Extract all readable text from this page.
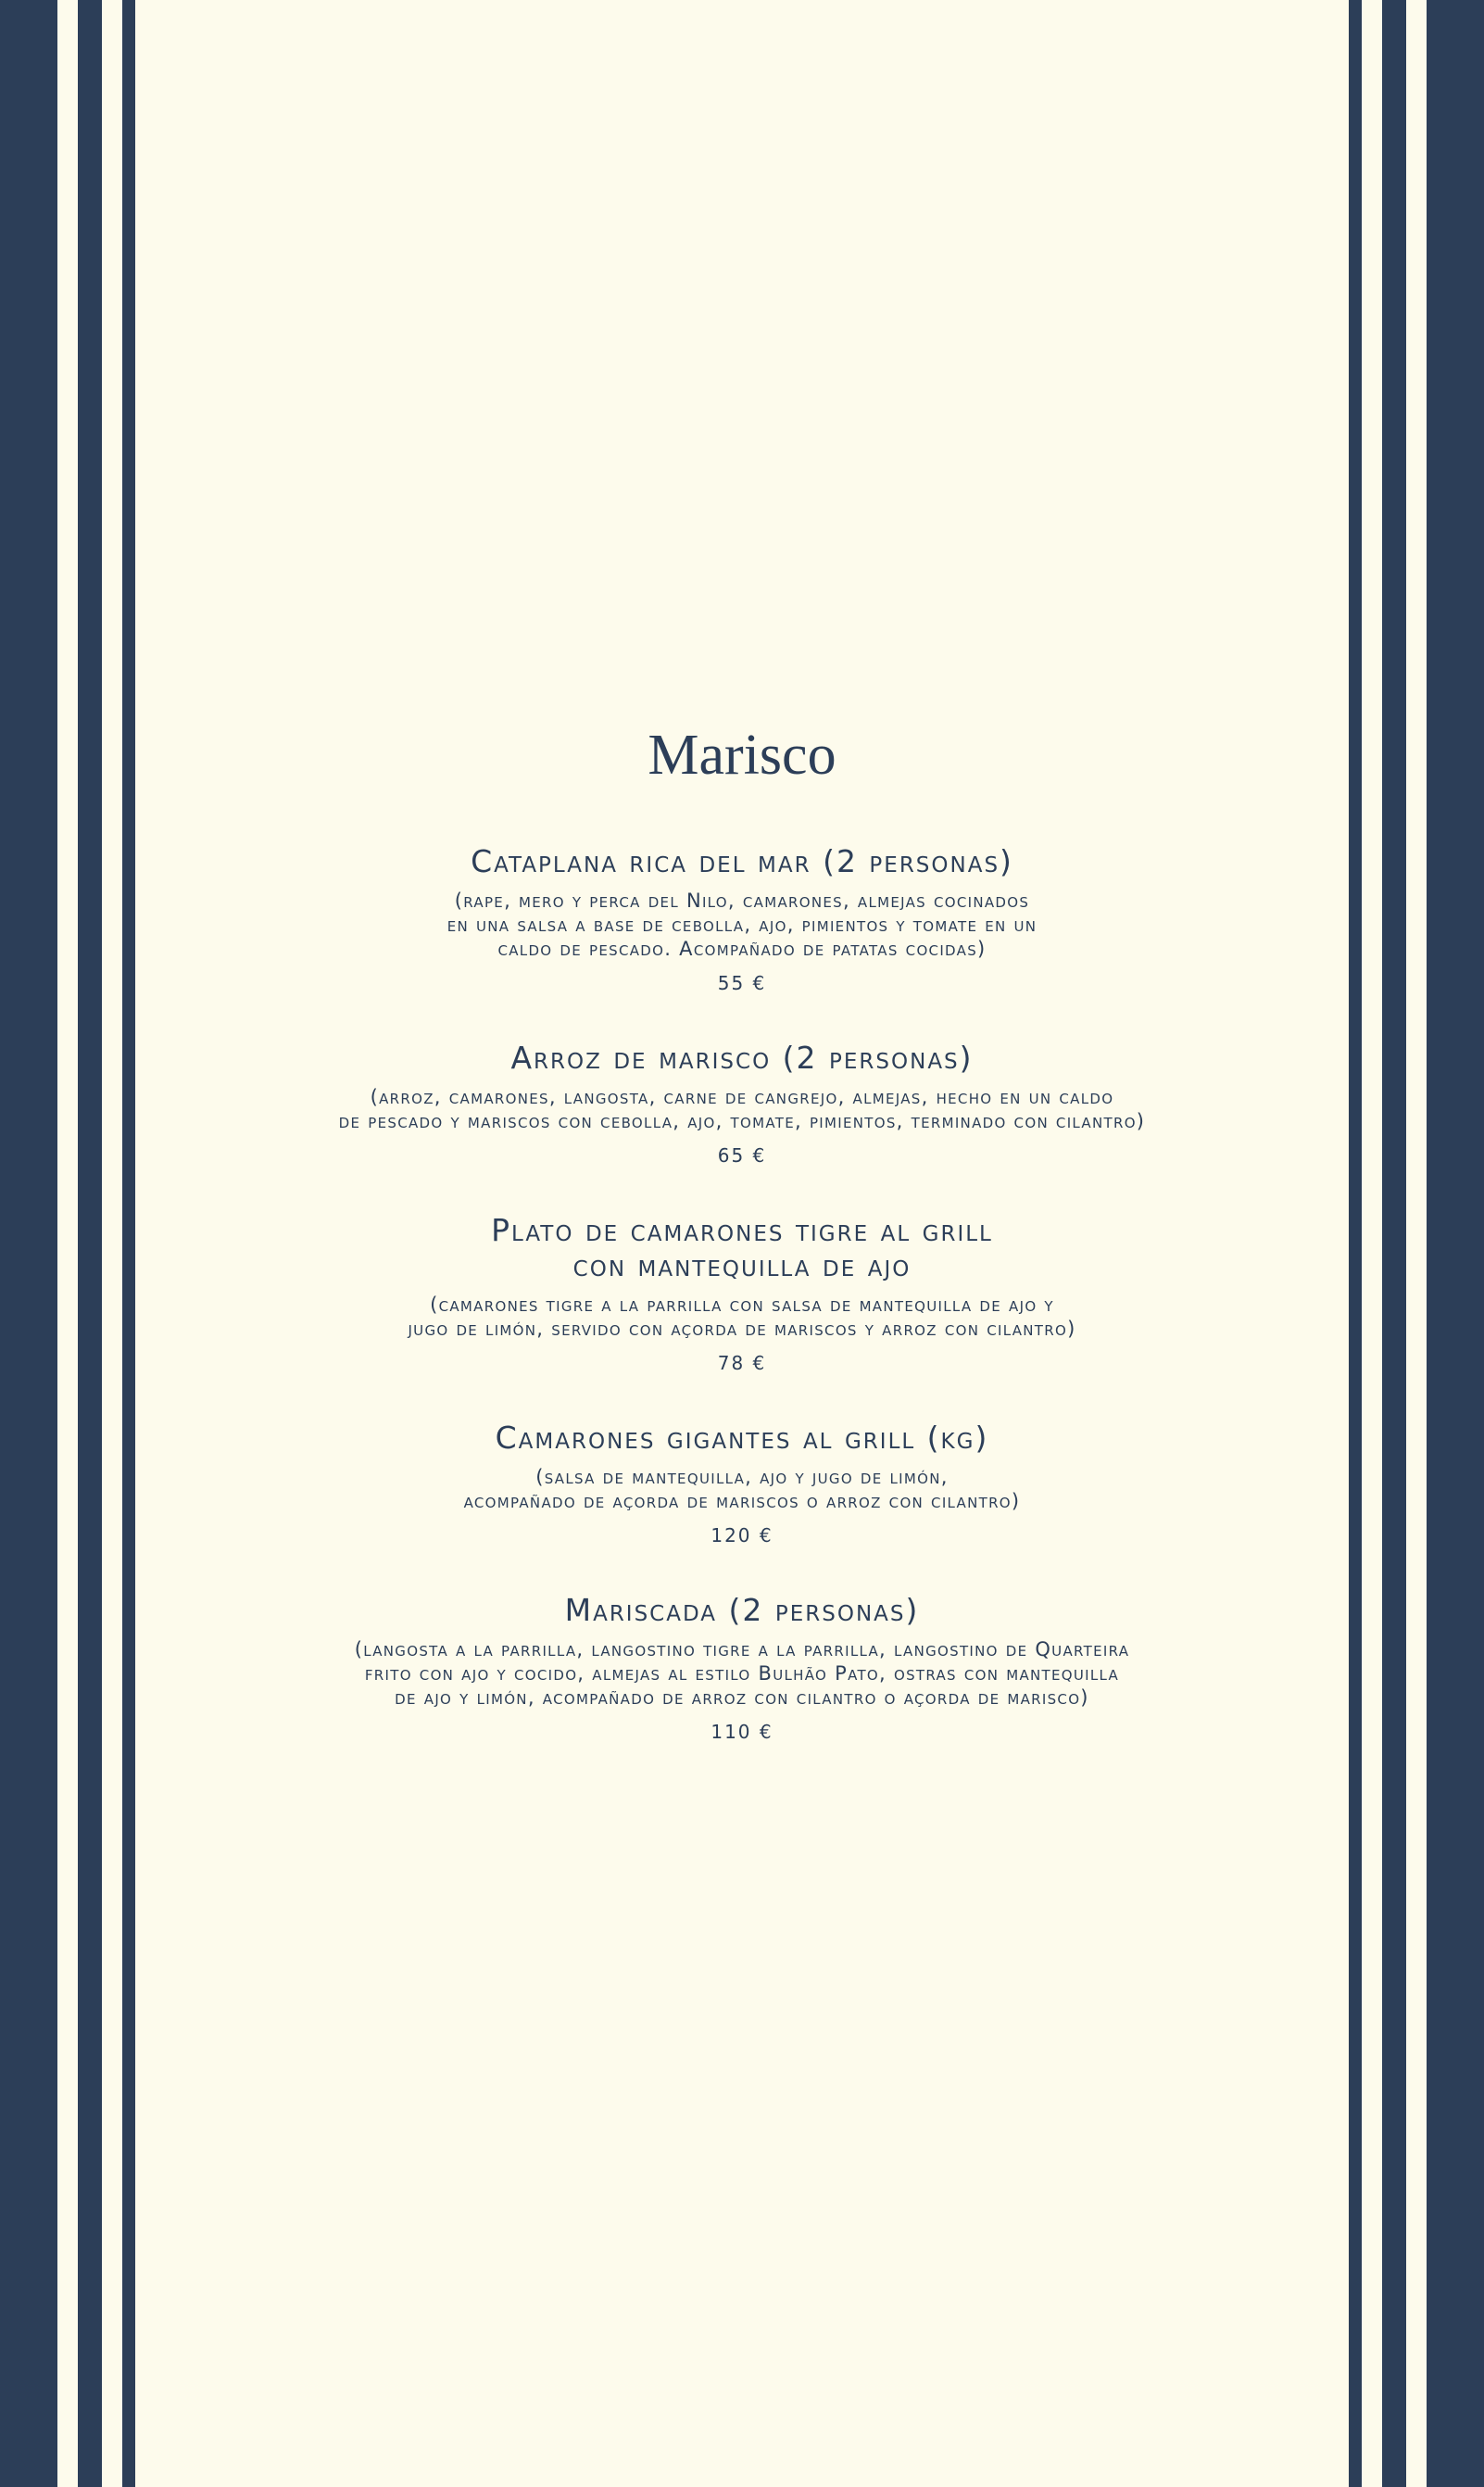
Marisco
Cataplana rica del mar (2 personas)
(rape, mero y perca del Nilo, camarones, almejas cocinados
en una salsa a base de cebolla, ajo, pimientos y tomate en un
caldo de pescado. Acompañado de patatas cocidas)
55 €
Arroz de marisco (2 personas)
(arroz, camarones, langosta, carne de cangrejo, almejas, hecho en un caldo
de pescado y mariscos con cebolla, ajo, tomate, pimientos, terminado con cilantro)
65 €
Plato de camarones tigre al grill
con mantequilla de ajo
(camarones tigre a la parrilla con salsa de mantequilla de ajo y
jugo de limón, servido con açorda de mariscos y arroz con cilantro)
78 €
Camarones gigantes al grill (kg)
(salsa de mantequilla, ajo y jugo de limón,
acompañado de açorda de mariscos o arroz con cilantro)
120 €
Mariscada (2 personas)
(langosta a la parrilla, langostino tigre a la parrilla, langostino de Quarteira
frito con ajo y cocido, almejas al estilo Bulhão Pato, ostras con mantequilla
de ajo y limón, acompañado de arroz con cilantro o açorda de marisco)
110 €
